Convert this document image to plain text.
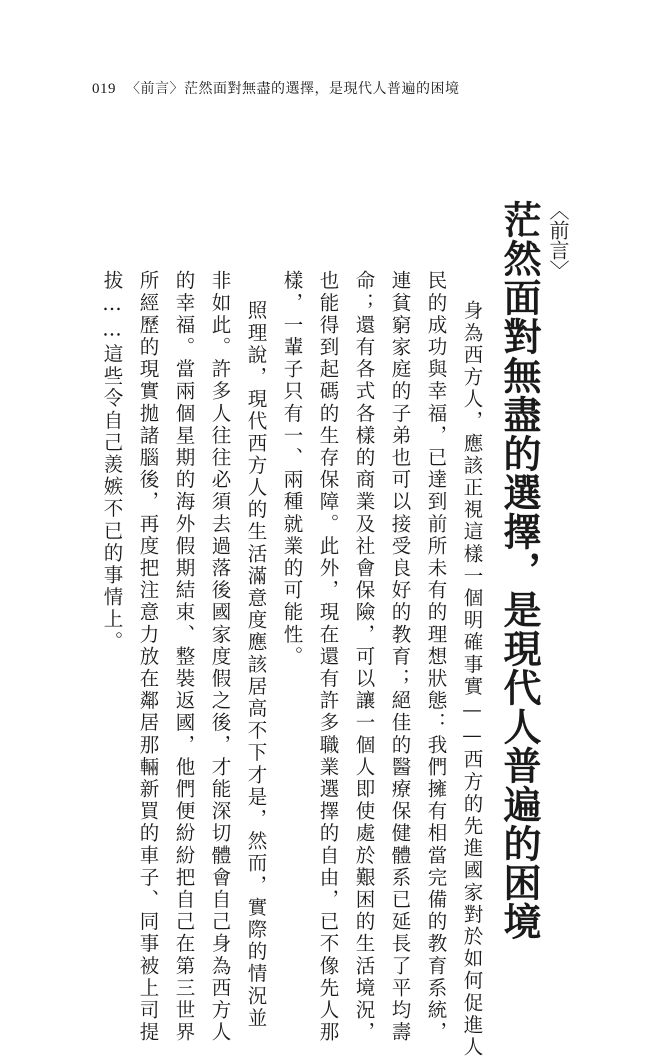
019 〈前言〉茫然面對無盡的選擇，是現代人普遍的困境
〈前言〉
茫然面對無盡的選擇，是現代人普遍的困境
身為西方人，應該正視這樣一個明確事實——西方的先進國家對於如何促進人
民的成功與幸福，已達到前所未有的理想狀態：我們擁有相當完備的教育系統，
連貧窮家庭的子弟也可以接受良好的教育；絕佳的醫療保健體系已延長了平均壽
命；還有各式各樣的商業及社會保險，可以讓一個人即使處於艱困的生活境況，
也能得到起碼的生存保障。此外，現在還有許多職業選擇的自由，已不像先人那
樣，一輩子只有一、兩種就業的可能性。
照理說，現代西方人的生活滿意度應該居高不下才是，然而，實際的情況並
非如此。許多人往往必須去過落後國家度假之後，才能深切體會自己身為西方人
的幸福。當兩個星期的海外假期結束、整裝返國，他們便紛紛把自己在第三世界
所經歷的現實拋諸腦後，再度把注意力放在鄰居那輛新買的車子、同事被上司提
拔……這些令自己羨嫉不已的事情上。
